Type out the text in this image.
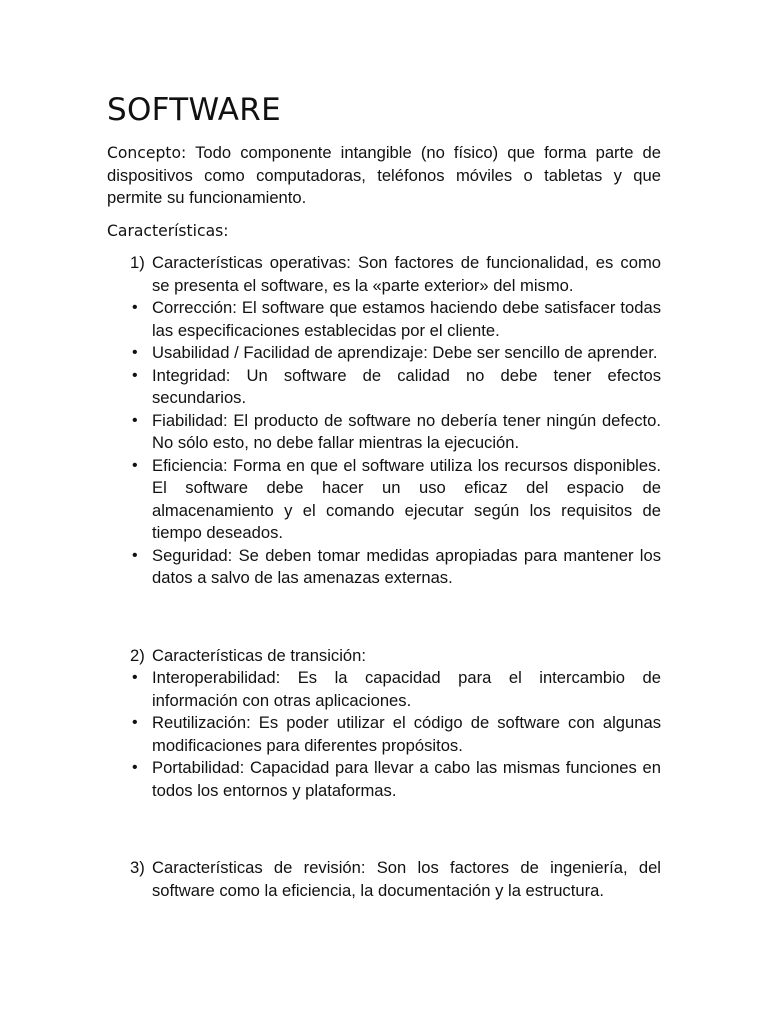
SOFTWARE

Concepto: Todo componente intangible (no físico) que forma parte de dispositivos como computadoras, teléfonos móviles o tabletas y que permite su funcionamiento.

Características:

1) Características operativas: Son factores de funcionalidad, es como se presenta el software, es la «parte exterior» del mismo.
• Corrección: El software que estamos haciendo debe satisfacer todas las especificaciones establecidas por el cliente.
• Usabilidad / Facilidad de aprendizaje: Debe ser sencillo de aprender.
• Integridad: Un software de calidad no debe tener efectos secundarios.
• Fiabilidad: El producto de software no debería tener ningún defecto. No sólo esto, no debe fallar mientras la ejecución.
• Eficiencia: Forma en que el software utiliza los recursos disponibles. El software debe hacer un uso eficaz del espacio de almacenamiento y el comando ejecutar según los requisitos de tiempo deseados.
• Seguridad: Se deben tomar medidas apropiadas para mantener los datos a salvo de las amenazas externas.
2) Características de transición:
• Interoperabilidad: Es la capacidad para el intercambio de información con otras aplicaciones.
• Reutilización: Es poder utilizar el código de software con algunas modificaciones para diferentes propósitos.
• Portabilidad: Capacidad para llevar a cabo las mismas funciones en todos los entornos y plataformas.
3) Características de revisión: Son los factores de ingeniería, del software como la eficiencia, la documentación y la estructura.
